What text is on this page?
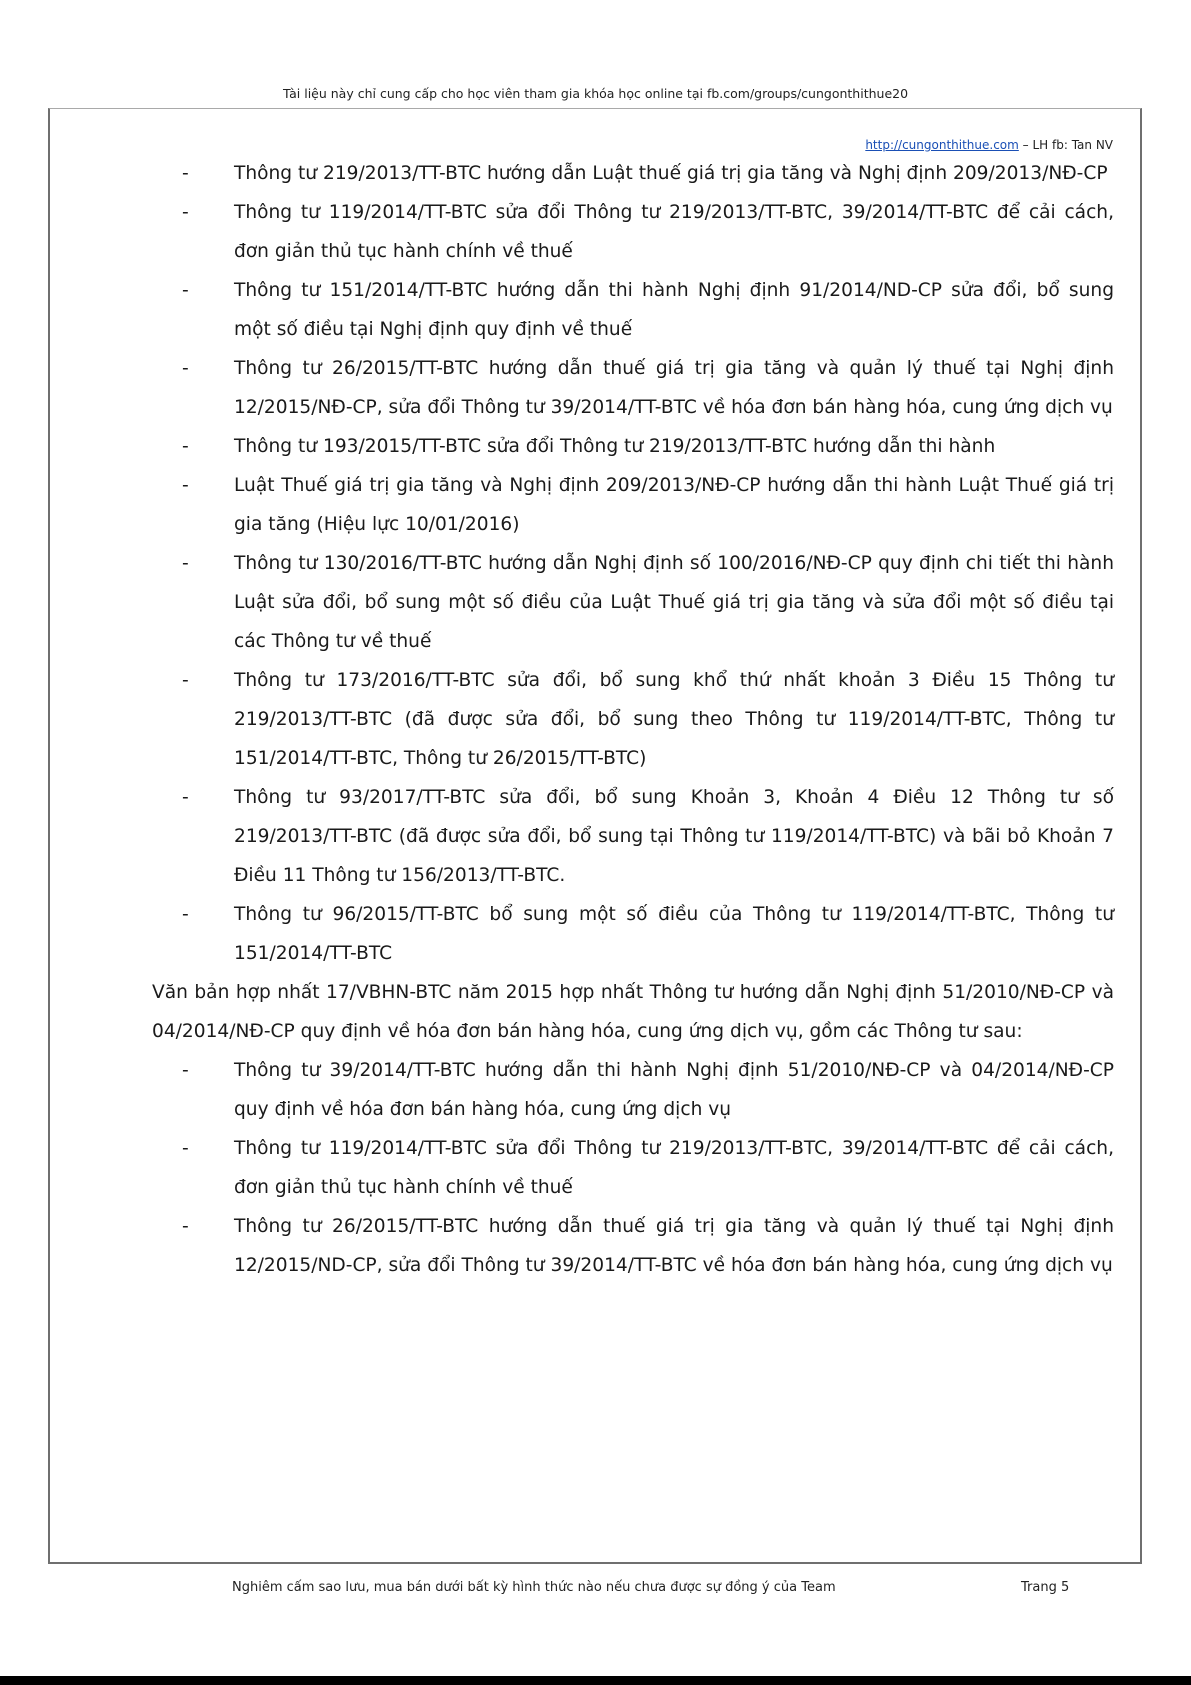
Tài liệu này chỉ cung cấp cho học viên tham gia khóa học online tại fb.com/groups/cungonthithue20
http://cungonthithue.com – LH fb: Tan NV
- Thông tư 219/2013/TT-BTC hướng dẫn Luật thuế giá trị gia tăng và Nghị định 209/2013/NĐ-CP
- Thông tư 119/2014/TT-BTC sửa đổi Thông tư 219/2013/TT-BTC, 39/2014/TT-BTC để cải cách, đơn giản thủ tục hành chính về thuế
- Thông tư 151/2014/TT-BTC hướng dẫn thi hành Nghị định 91/2014/ND-CP sửa đổi, bổ sung một số điều tại Nghị định quy định về thuế
- Thông tư 26/2015/TT-BTC hướng dẫn thuế giá trị gia tăng và quản lý thuế tại Nghị định 12/2015/NĐ-CP, sửa đổi Thông tư 39/2014/TT-BTC về hóa đơn bán hàng hóa, cung ứng dịch vụ
- Thông tư 193/2015/TT-BTC sửa đổi Thông tư 219/2013/TT-BTC hướng dẫn thi hành
- Luật Thuế giá trị gia tăng và Nghị định 209/2013/NĐ-CP hướng dẫn thi hành Luật Thuế giá trị gia tăng (Hiệu lực 10/01/2016)
- Thông tư 130/2016/TT-BTC hướng dẫn Nghị định số 100/2016/NĐ-CP quy định chi tiết thi hành Luật sửa đổi, bổ sung một số điều của Luật Thuế giá trị gia tăng và sửa đổi một số điều tại các Thông tư về thuế
- Thông tư 173/2016/TT-BTC sửa đổi, bổ sung khổ thứ nhất khoản 3 Điều 15 Thông tư 219/2013/TT-BTC (đã được sửa đổi, bổ sung theo Thông tư 119/2014/TT-BTC, Thông tư 151/2014/TT-BTC, Thông tư 26/2015/TT-BTC)
- Thông tư 93/2017/TT-BTC sửa đổi, bổ sung Khoản 3, Khoản 4 Điều 12 Thông tư số 219/2013/TT-BTC (đã được sửa đổi, bổ sung tại Thông tư 119/2014/TT-BTC) và bãi bỏ Khoản 7 Điều 11 Thông tư 156/2013/TT-BTC.
- Thông tư 96/2015/TT-BTC bổ sung một số điều của Thông tư 119/2014/TT-BTC, Thông tư 151/2014/TT-BTC

Văn bản hợp nhất 17/VBHN-BTC năm 2015 hợp nhất Thông tư hướng dẫn Nghị định 51/2010/NĐ-CP và 04/2014/NĐ-CP quy định về hóa đơn bán hàng hóa, cung ứng dịch vụ, gồm các Thông tư sau:

- Thông tư 39/2014/TT-BTC hướng dẫn thi hành Nghị định 51/2010/NĐ-CP và 04/2014/NĐ-CP quy định về hóa đơn bán hàng hóa, cung ứng dịch vụ
- Thông tư 119/2014/TT-BTC sửa đổi Thông tư 219/2013/TT-BTC, 39/2014/TT-BTC để cải cách, đơn giản thủ tục hành chính về thuế
- Thông tư 26/2015/TT-BTC hướng dẫn thuế giá trị gia tăng và quản lý thuế tại Nghị định 12/2015/ND-CP, sửa đổi Thông tư 39/2014/TT-BTC về hóa đơn bán hàng hóa, cung ứng dịch vụ
Nghiêm cấm sao lưu, mua bán dưới bất kỳ hình thức nào nếu chưa được sự đồng ý của Team	Trang 5
